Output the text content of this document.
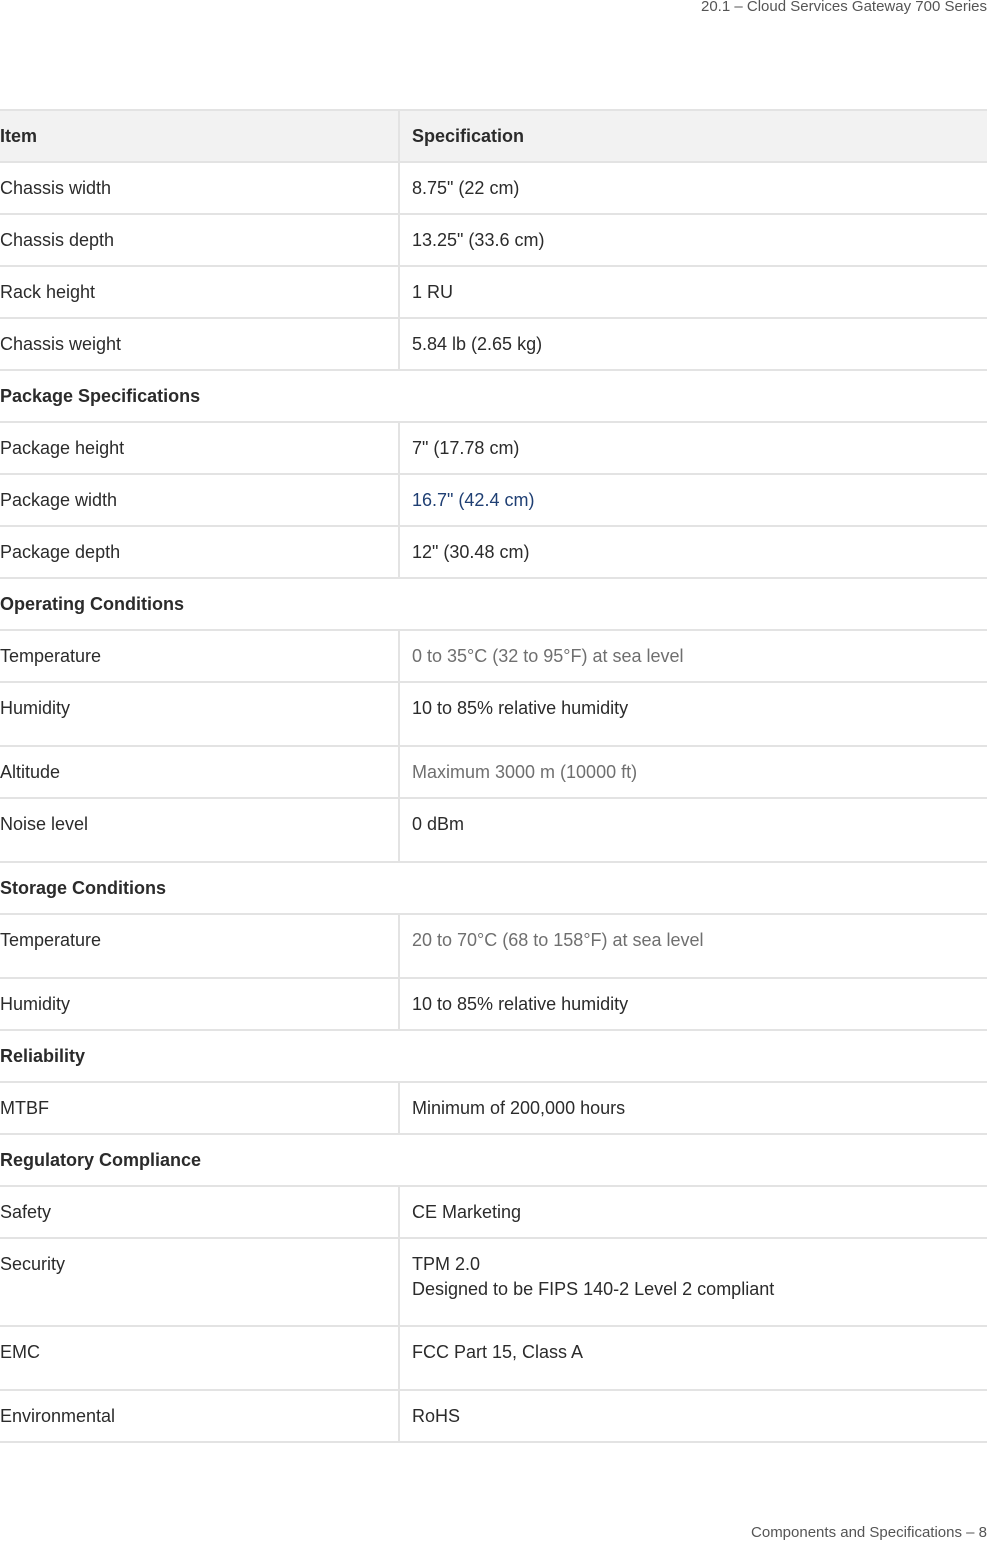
20.1 – Cloud Services Gateway 700 Series
Item	Specification
Chassis width	8.75" (22 cm)
Chassis depth	13.25" (33.6 cm)
Rack height	1 RU
Chassis weight	5.84 lb (2.65 kg)
Package Specifications	
Package height	7" (17.78 cm)
Package width	16.7" (42.4 cm)
Package depth	12" (30.48 cm)
Operating Conditions	
Temperature	0 to 35°C (32 to 95°F) at sea level
Humidity	10 to 85% relative humidity
Altitude	Maximum 3000 m (10000 ft)
Noise level	0 dBm
Storage Conditions	
Temperature	20 to 70°C (68 to 158°F) at sea level
Humidity	10 to 85% relative humidity
Reliability	
MTBF	Minimum of 200,000 hours
Regulatory Compliance	
Safety	CE Marketing
Security	TPM 2.0
Designed to be FIPS 140-2 Level 2 compliant

EMC	FCC Part 15, Class A
Environmental	RoHS
Components and Specifications – 8
